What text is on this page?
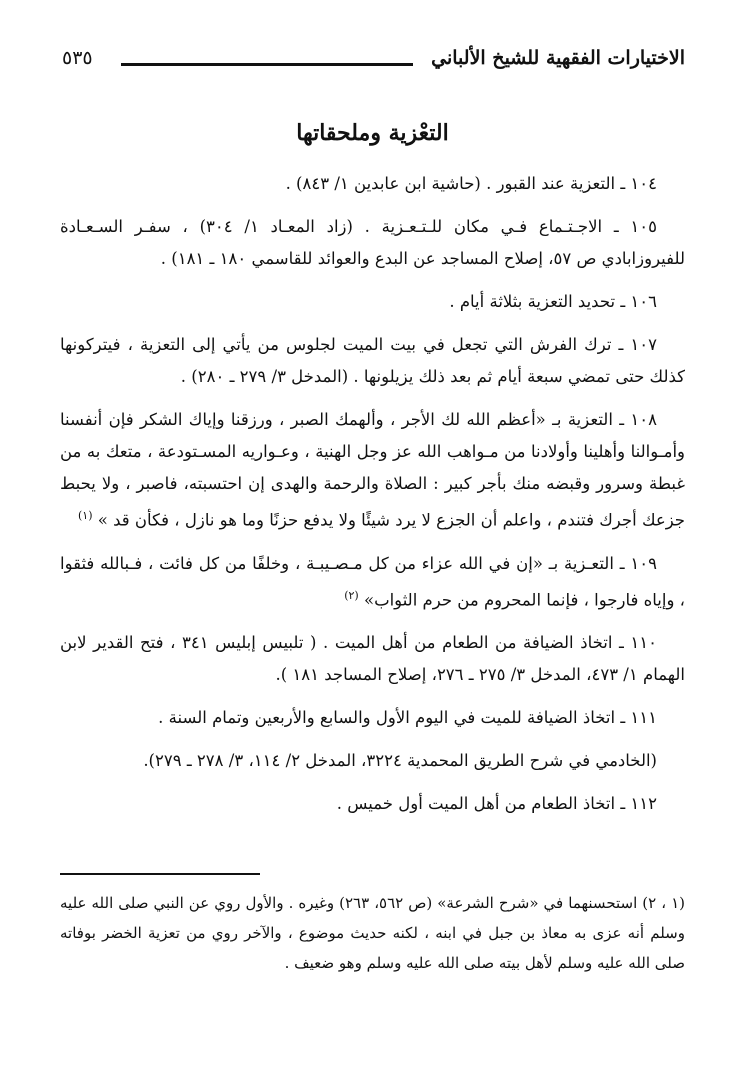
الاختيارات الفقهية للشيخ الألباني
٥٣٥
التعْزية وملحقاتها

١٠٤ ـ التعزية عند القبور . (حاشية ابن عابدين ١/ ٨٤٣) .

١٠٥ ـ الاجـتـماع فـي مكان للـتـعـزية . (زاد المعـاد ١/ ٣٠٤) ، سفـر السـعـادة للفيروزابادي ص ٥٧، إصلاح المساجد عن البدع والعوائد للقاسمي ١٨٠ ـ ١٨١) .

١٠٦ ـ تحديد التعزية بثلاثة أيام .

١٠٧ ـ ترك الفرش التي تجعل في بيت الميت لجلوس من يأتي إلى التعزية ، فيتركونها كذلك حتى تمضي سبعة أيام ثم بعد ذلك يزيلونها . (المدخل ٣/ ٢٧٩ ـ ٢٨٠) .

١٠٨ ـ التعزية بـ «أعظم الله لك الأجر ، وألهمك الصبر ، ورزقنا وإياك الشكر فإن أنفسنا وأمـوالنا وأهلينا وأولادنا من مـواهب الله عز وجل الهنية ، وعـواريه المسـتودعة ، متعك به من غبطة وسرور وقبضه منك بأجر كبير : الصلاة والرحمة والهدى إن احتسبته، فاصبر ، ولا يحبط جزعك أجرك فتندم ، واعلم أن الجزع لا يرد شيئًا ولا يدفع حزنًا وما هو نازل ، فكأن قد » $^{(١)}$

١٠٩ ـ التعـزية بـ «إن في الله عزاء من كل مـصـيبـة ، وخلفًا من كل فائت ، فـبالله فثقوا ، وإياه فارجوا ، فإنما المحروم من حرم الثواب» $^{(٢)}$

١١٠ ـ اتخاذ الضيافة من الطعام من أهل الميت . ( تلبيس إبليس ٣٤١ ، فتح القدير لابن الهمام ١/ ٤٧٣، المدخل ٣/ ٢٧٥ ـ ٢٧٦، إصلاح المساجد ١٨١ ).

١١١ ـ اتخاذ الضيافة للميت في اليوم الأول والسابع والأربعين وتمام السنة .

(الخادمي في شرح الطريق المحمدية ٣٢٢٤، المدخل ٢/ ١١٤، ٣/ ٢٧٨ ـ ٢٧٩).

١١٢ ـ اتخاذ الطعام من أهل الميت أول خميس .

(١ ، ٢) استحسنهما في «شرح الشرعة» (ص ٥٦٢، ٢٦٣) وغيره . والأول روي عن النبي صلى الله عليه وسلم أنه عزى به معاذ بن جبل في ابنه ، لكنه حديث موضوع ، والآخر روي من تعزية الخضر بوفاته صلى الله عليه وسلم لأهل بيته صلى الله عليه وسلم وهو ضعيف .
